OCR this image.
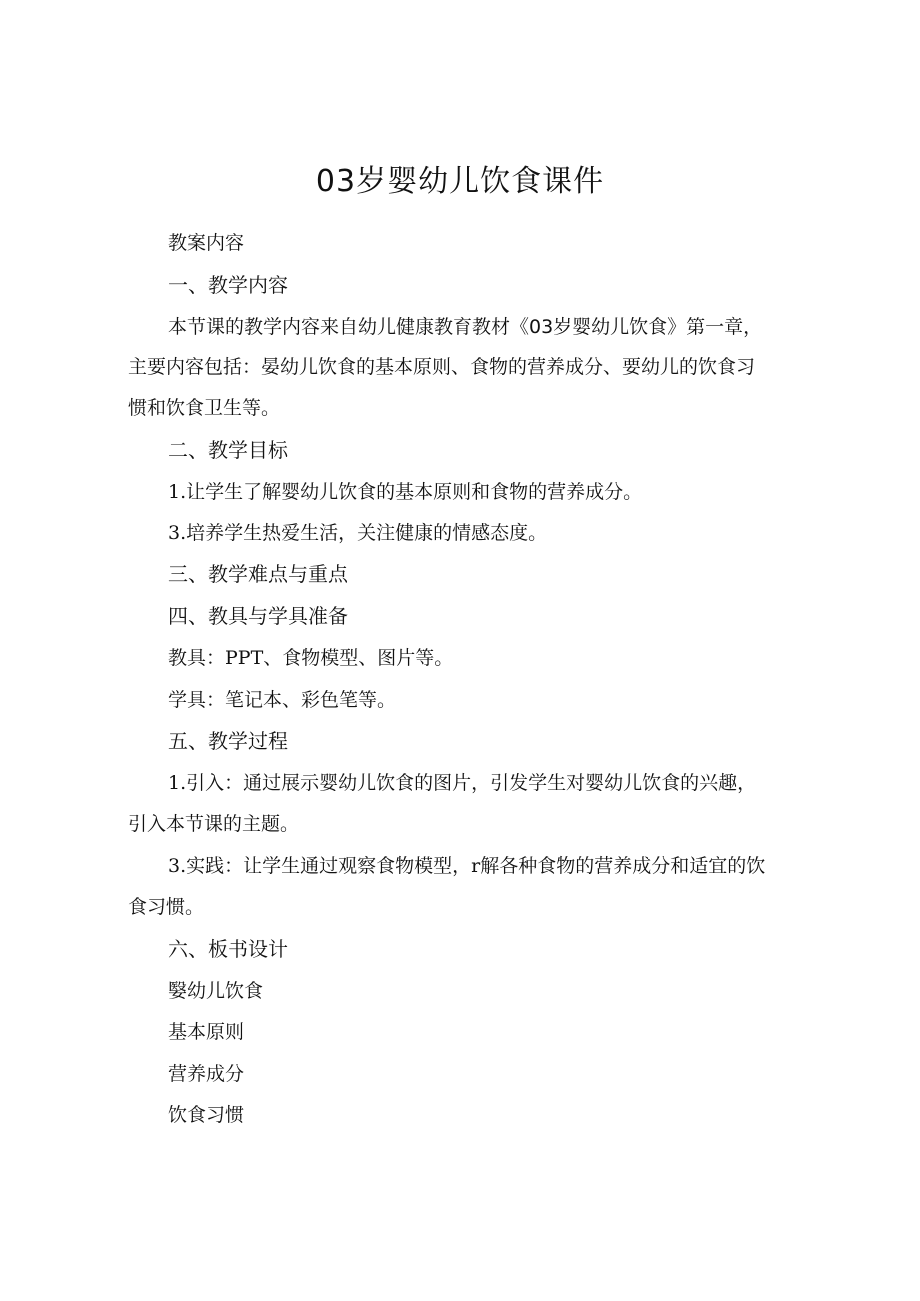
03岁婴幼儿饮食课件
教案内容
一、教学内容
本节课的教学内容来自幼儿健康教育教材《03岁婴幼儿饮食》第一章，
主要内容包括：晏幼儿饮食的基本原则、食物的营养成分、要幼儿的饮食习
惯和饮食卫生等。
二、教学目标
1.让学生了解婴幼儿饮食的基本原则和食物的营养成分。
3.培养学生热爱生活，关注健康的情感态度。
三、教学难点与重点
四、教具与学具准备
教具：PPT、食物模型、图片等。
学具：笔记本、彩色笔等。
五、教学过程
1.引入：通过展示婴幼儿饮食的图片，引发学生对婴幼儿饮食的兴趣，
引入本节课的主题。
3.实践：让学生通过观察食物模型，r解各种食物的营养成分和适宜的饮
食习惯。
六、板书设计
嫛幼儿饮食
基本原则
营养成分
饮食习惯
